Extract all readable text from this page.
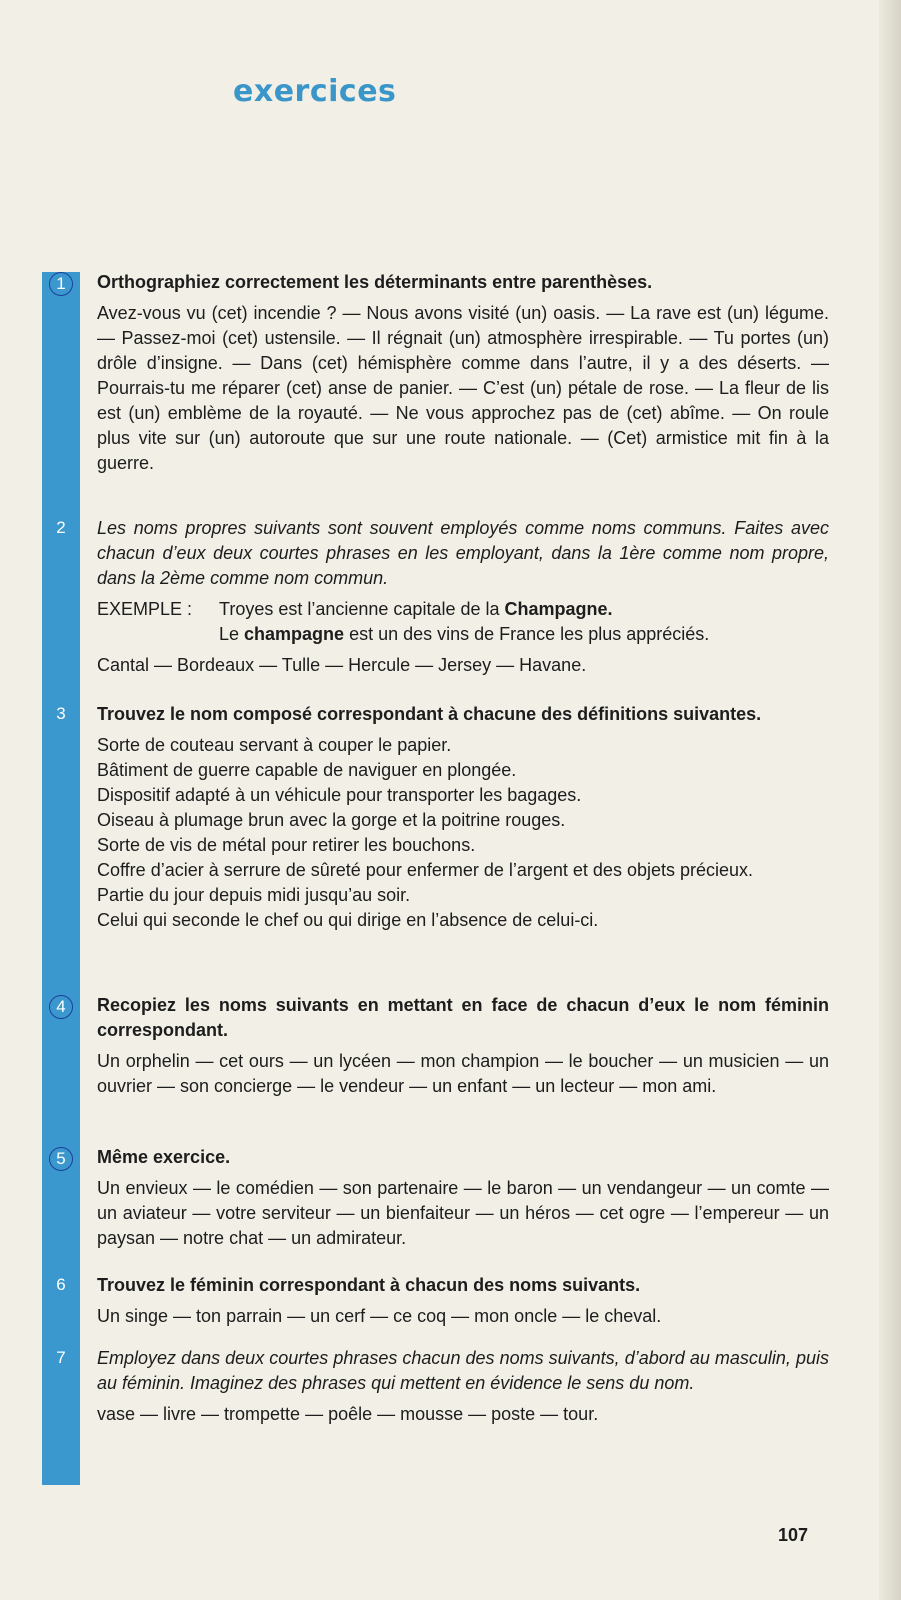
exercices
1	Orthographiez correctement les déterminants entre parenthèses.
Avez-vous vu (cet) incendie ? — Nous avons visité (un) oasis. — La rave est (un) légume. — Passez-moi (cet) ustensile. — Il régnait (un) atmosphère irrespirable. — Tu portes (un) drôle d’insigne. — Dans (cet) hémisphère comme dans l’autre, il y a des déserts. — Pourrais-tu me réparer (cet) anse de panier. — C’est (un) pétale de rose. — La fleur de lis est (un) emblème de la royauté. — Ne vous approchez pas de (cet) abîme. — On roule plus vite sur (un) autoroute que sur une route nationale. — (Cet) armistice mit fin à la guerre.
2	Les noms propres suivants sont souvent employés comme noms communs. Faites avec chacun d’eux deux courtes phrases en les employant, dans la 1ère comme nom propre, dans la 2ème comme nom commun.
EXEMPLE :	Troyes est l’ancienne capitale de la Champagne.
Le champagne est un des vins de France les plus appréciés.
Cantal — Bordeaux — Tulle — Hercule — Jersey — Havane.
3	Trouvez le nom composé correspondant à chacune des définitions suivantes.
Sorte de couteau servant à couper le papier.
Bâtiment de guerre capable de naviguer en plongée.
Dispositif adapté à un véhicule pour transporter les bagages.
Oiseau à plumage brun avec la gorge et la poitrine rouges.
Sorte de vis de métal pour retirer les bouchons.
Coffre d’acier à serrure de sûreté pour enfermer de l’argent et des objets précieux.
Partie du jour depuis midi jusqu’au soir.
Celui qui seconde le chef ou qui dirige en l’absence de celui-ci.
4	Recopiez les noms suivants en mettant en face de chacun d’eux le nom féminin correspondant.
Un orphelin — cet ours — un lycéen — mon champion — le boucher — un musicien — un ouvrier — son concierge — le vendeur — un enfant — un lecteur — mon ami.
5	Même exercice.
Un envieux — le comédien — son partenaire — le baron — un vendangeur — un comte — un aviateur — votre serviteur — un bienfaiteur — un héros — cet ogre — l’empereur — un paysan — notre chat — un admirateur.
6	Trouvez le féminin correspondant à chacun des noms suivants.
Un singe — ton parrain — un cerf — ce coq — mon oncle — le cheval.
7	Employez dans deux courtes phrases chacun des noms suivants, d’abord au masculin, puis au féminin. Imaginez des phrases qui mettent en évidence le sens du nom.
vase — livre — trompette — poêle — mousse — poste — tour.
107
